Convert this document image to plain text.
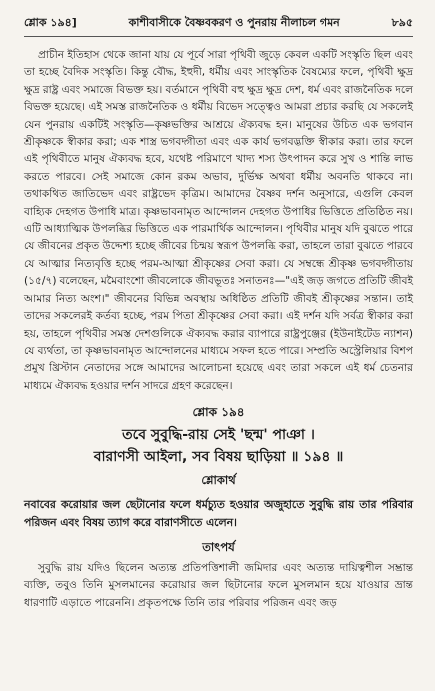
শ্লোক ১৯৪]	কাশীবাসীকে বৈষ্ণবকরণ ও পুনরায় নীলাচল গমন	৮৯৫

প্রাচীন ইতিহাস থেকে জানা যায় যে পূর্বে সারা পৃথিবী জুড়ে কেবল একটি সংস্কৃতি ছিল এবং তা হচ্ছে বৈদিক সংস্কৃতি। কিন্তু বৌদ্ধ, ইহুদী, ধর্মীয় এবং সাংস্কৃতিক বৈষম্যের ফলে, পৃথিবী ক্ষুদ্র ক্ষুদ্র রাষ্ট্র এবং সমাজে বিভক্ত হয়। বর্তমানে পৃথিবী বহু ক্ষুদ্র ক্ষুদ্র দেশ, ধর্ম এবং রাজনৈতিক দলে বিভক্ত হয়েছে। এই সমস্ত রাজনৈতিক ও ধর্মীয় বিভেদ সত্ত্বেও আমরা প্রচার করছি যে সকলেই যেন পুনরায় একটিই সংস্কৃতি—কৃষ্ণভক্তির আশ্রয়ে ঐক্যবদ্ধ হন। মানুষের উচিত এক ভগবান শ্রীকৃষ্ণকে স্বীকার করা; এক শাস্ত্র ভগবদ্গীতা এবং এক কার্য ভগবদ্ভক্তি স্বীকার করা। তার ফলে এই পৃথিবীতে মানুষ ঐক্যবদ্ধ হবে, যথেষ্ট পরিমাণে খাদ্য শস্য উৎপাদন করে সুখ ও শান্তি লাভ করতে পারবে। সেই সমাজে কোন রকম অভাব, দুর্ভিক্ষ অথবা ধর্মীয় অবনতি থাকবে না। তথাকথিত জাতিভেদ এবং রাষ্ট্রভেদ কৃত্রিম। আমাদের বৈষ্ণব দর্শন অনুসারে, এগুলি কেবল বাহ্যিক দেহগত উপাধি মাত্র। কৃষ্ণভাবনামৃত আন্দোলন দেহগত উপাধির ভিত্তিতে প্রতিষ্ঠিত নয়। এটি আধ্যাত্মিক উপলব্ধির ভিত্তিতে এক পারমার্থিক আন্দোলন। পৃথিবীর মানুষ যদি বুঝতে পারে যে জীবনের প্রকৃত উদ্দেশ্য হচ্ছে জীবের চিন্ময় স্বরূপ উপলব্ধি করা, তাহলে তারা বুঝতে পারবে যে আত্মার নিত্যবৃত্তি হচ্ছে পরম-আত্মা শ্রীকৃষ্ণের সেবা করা। যে সম্বন্ধে শ্রীকৃষ্ণ ভগবদ্গীতায় (১৫/৭) বলেছেন, মমৈবাংশো জীবলোকে জীবভূতঃ সনাতনঃ—"এই জড় জগতে প্রতিটি জীবই আমার নিত্য অংশ।" জীবনের বিভিন্ন অবস্থায় অধিষ্ঠিত প্রতিটি জীবই শ্রীকৃষ্ণের সন্তান। তাই তাদের সকলেরই কর্তব্য হচ্ছে, পরম পিতা শ্রীকৃষ্ণের সেবা করা। এই দর্শন যদি সর্বত্র স্বীকার করা হয়, তাহলে পৃথিবীর সমস্ত দেশগুলিকে ঐক্যবদ্ধ করার ব্যাপারে রাষ্ট্রপুঞ্জের (ইউনাইটেড ন্যাশন) যে ব্যর্থতা, তা কৃষ্ণভাবনামৃত আন্দোলনের মাধ্যমে সফল হতে পারে। সম্প্রতি অস্ট্রেলিয়ার বিশপ প্রমুখ খ্রিস্টান নেতাদের সঙ্গে আমাদের আলোচনা হয়েছে এবং তারা সকলে এই ধর্ম চেতনার মাধ্যমে ঐক্যবদ্ধ হওয়ার দর্শন সাদরে গ্রহণ করেছেন।

শ্লোক ১৯৪
তবে সুবুদ্ধি-রায় সেই 'ছন্ম' পাঞা ।
বারাণসী আইলা, সব বিষয় ছাড়িয়া ॥ ১৯৪ ॥
শ্লোকার্থ
নবাবের করোয়ার জল ছেটানোর ফলে ধর্মচ্যুত হওয়ার অজুহাতে সুবুদ্ধি রায় তার পরিবার পরিজন এবং বিষয় ত্যাগ করে বারাণসীতে এলেন।
তাৎপর্য
সুবুদ্ধি রায় যদিও ছিলেন অত্যন্ত প্রতিপত্তিশালী জমিদার এবং অত্যন্ত দায়িত্বশীল সম্ভ্রান্ত ব্যক্তি, তবুও তিনি মুসলমানের করোয়ার জল ছিটানোর ফলে মুসলমান হয়ে যাওয়ার ভ্রান্ত ধারণাটি এড়াতে পারেননি। প্রকৃতপক্ষে তিনি তার পরিবার পরিজন এবং জড়
